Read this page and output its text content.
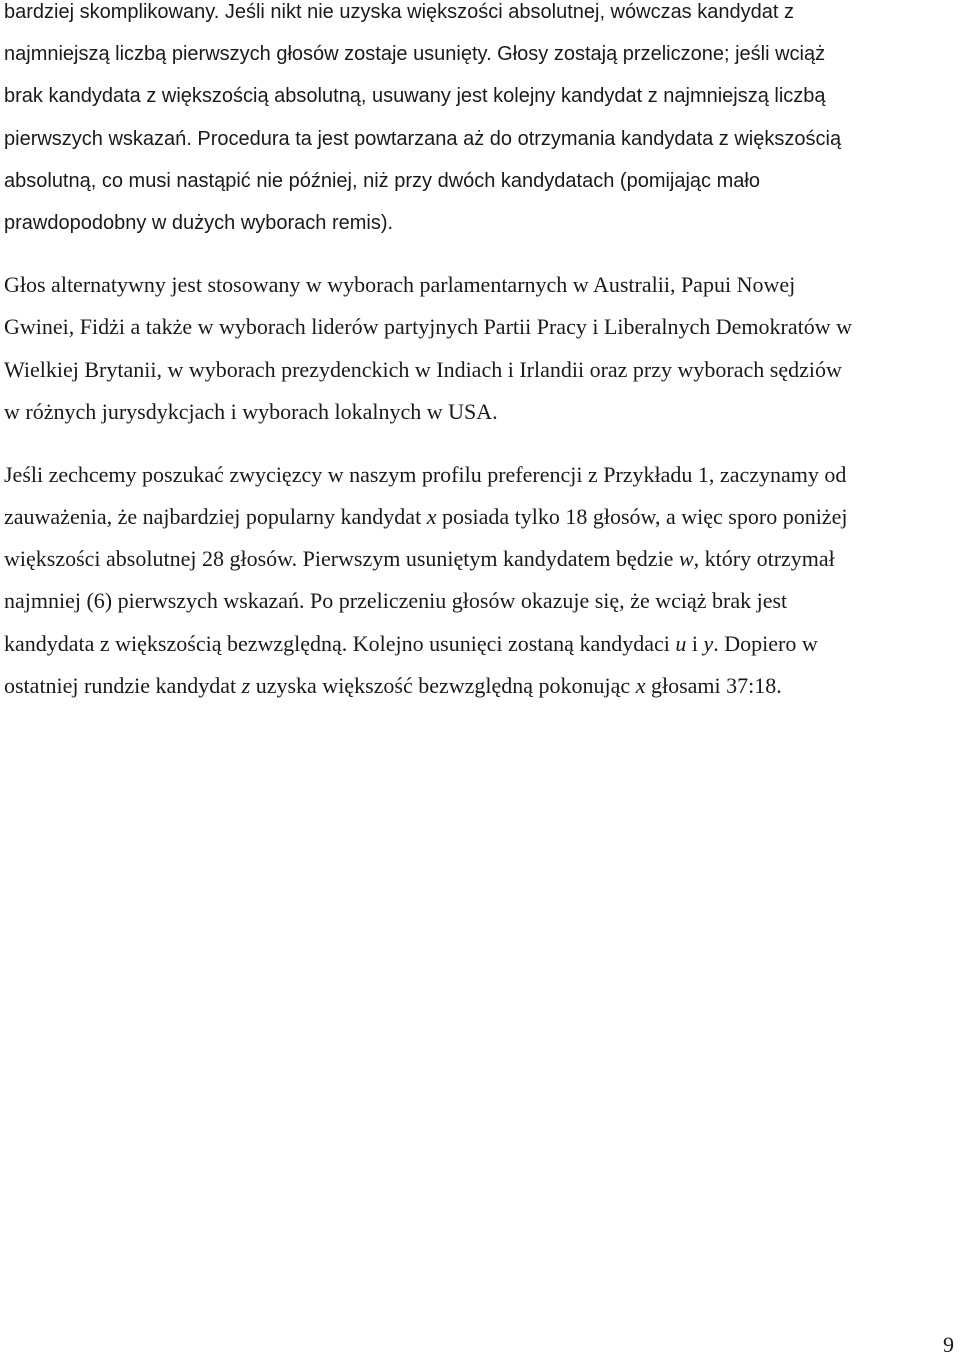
bardziej skomplikowany. Jeśli nikt nie uzyska większości absolutnej, wówczas kandydat z
najmniejszą liczbą pierwszych głosów zostaje usunięty. Głosy zostają przeliczone; jeśli wciąż
brak kandydata z większością absolutną, usuwany jest kolejny kandydat z najmniejszą liczbą
pierwszych wskazań. Procedura ta jest powtarzana aż do otrzymania kandydata z większością
absolutną, co musi nastąpić nie później, niż przy dwóch kandydatach (pomijając mało
prawdopodobny w dużych wyborach remis).
Głos alternatywny jest stosowany w wyborach parlamentarnych w Australii, Papui Nowej
Gwinei, Fidżi a także w wyborach liderów partyjnych Partii Pracy i Liberalnych Demokratów w
Wielkiej Brytanii, w wyborach prezydenckich w Indiach i Irlandii oraz przy wyborach sędziów
w różnych jurysdykcjach i wyborach lokalnych w USA.
Jeśli zechcemy poszukać zwycięzcy w naszym profilu preferencji z Przykładu 1, zaczynamy od
zauważenia, że najbardziej popularny kandydat x posiada tylko 18 głosów, a więc sporo poniżej
większości absolutnej 28 głosów. Pierwszym usuniętym kandydatem będzie w, który otrzymał
najmniej (6) pierwszych wskazań. Po przeliczeniu głosów okazuje się, że wciąż brak jest
kandydata z większością bezwzględną. Kolejno usunięci zostaną kandydaci u i y. Dopiero w
ostatniej rundzie kandydat z uzyska większość bezwzględną pokonując x głosami 37:18.
9
